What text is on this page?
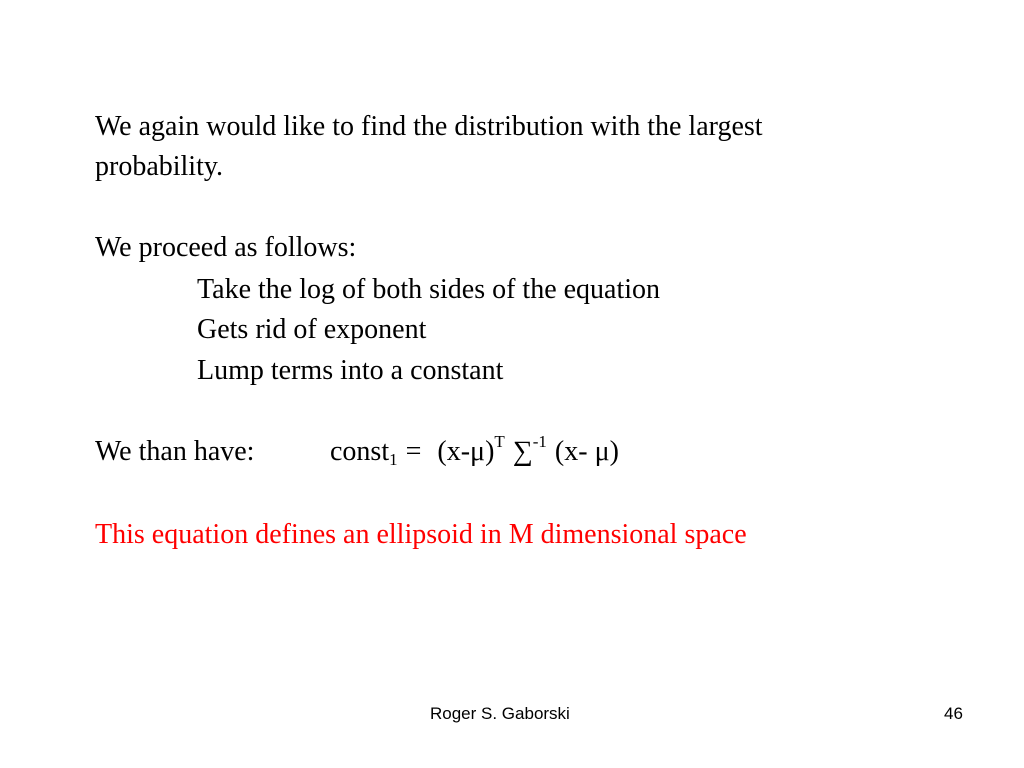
We again would like to find the distribution with the largest
probability.
We proceed as follows:
Take the log of both sides of the equation
Gets rid of exponent
Lump terms into a constant
We than have:	const$_1$ = $(x-\mu)^T$ ∑$^{-1}$ (x- μ)
This equation defines an ellipsoid in M dimensional space
Roger S. Gaborski	46
